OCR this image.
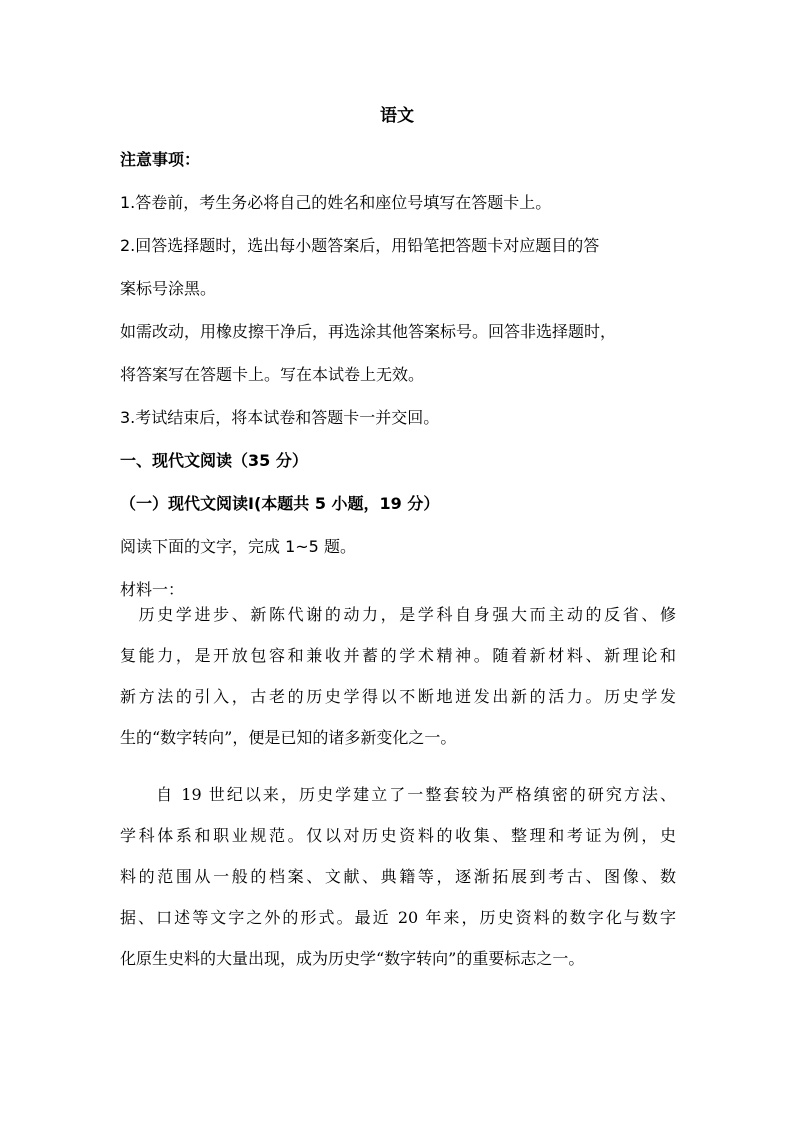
语文
注意事项：
1.答卷前，考生务必将自己的姓名和座位号填写在答题卡上。
2.回答选择题时，选出每小题答案后，用铅笔把答题卡对应题目的答
案标号涂黑。
如需改动，用橡皮擦干净后，再选涂其他答案标号。回答非选择题时，
将答案写在答题卡上。写在本试卷上无效。
3.考试结束后，将本试卷和答题卡一并交回。
一、现代文阅读（35 分）
（一）现代文阅读Ⅰ(本题共 5 小题，19 分）
阅读下面的文字，完成 1~5 题。
材料一：
　历史学进步、新陈代谢的动力，是学科自身强大而主动的反省、修
复能力，是开放包容和兼收并蓄的学术精神。随着新材料、新理论和
新方法的引入，古老的历史学得以不断地迸发出新的活力。历史学发
生的“数字转向”，便是已知的诸多新变化之一。
　　自 19 世纪以来，历史学建立了一整套较为严格缜密的研究方法、
学科体系和职业规范。仅以对历史资料的收集、整理和考证为例，史
料的范围从一般的档案、文献、典籍等，逐渐拓展到考古、图像、数
据、口述等文字之外的形式。最近 20 年来，历史资料的数字化与数字
化原生史料的大量出现，成为历史学“数字转向”的重要标志之一。
